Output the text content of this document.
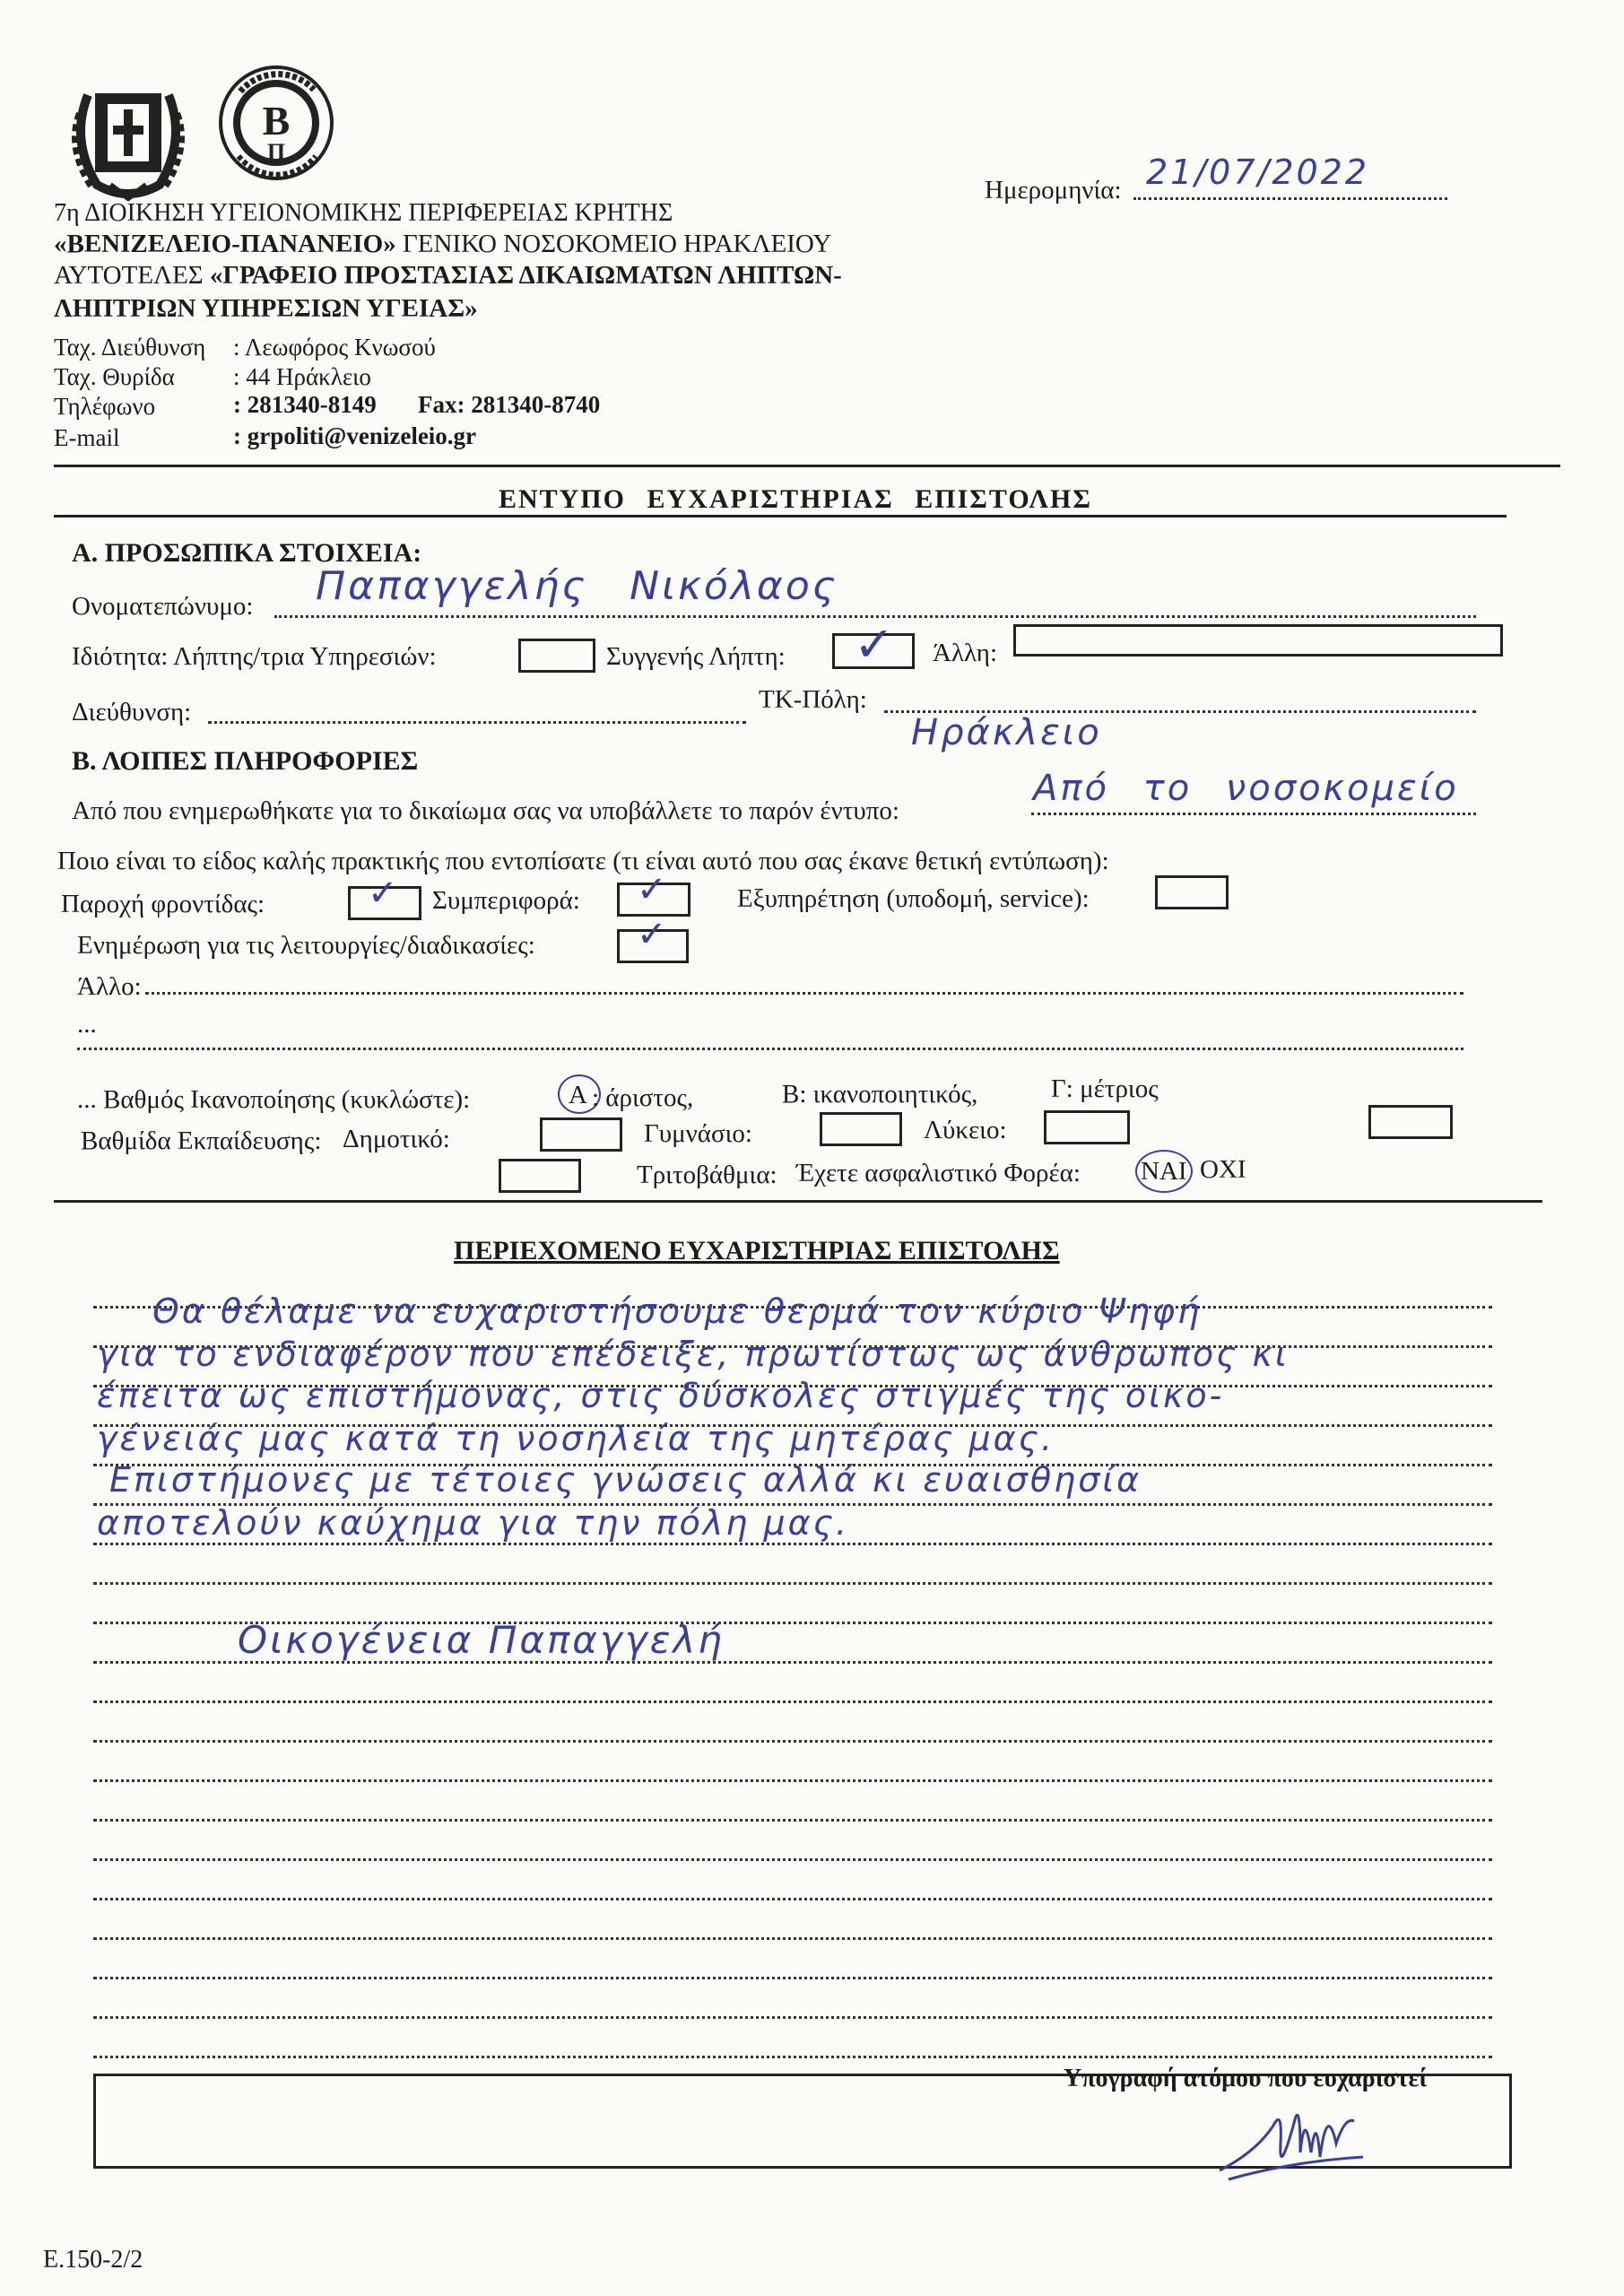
Β
Π
7η ΔΙΟΙΚΗΣΗ ΥΓΕΙΟΝΟΜΙΚΗΣ ΠΕΡΙΦΕΡΕΙΑΣ ΚΡΗΤΗΣ
«ΒΕΝΙΖΕΛΕΙΟ-ΠΑΝΑΝΕΙΟ» ΓΕΝΙΚΟ ΝΟΣΟΚΟΜΕΙΟ ΗΡΑΚΛΕΙΟΥ
ΑΥΤΟΤΕΛΕΣ «ΓΡΑΦΕΙΟ ΠΡΟΣΤΑΣΙΑΣ ΔΙΚΑΙΩΜΑΤΩΝ ΛΗΠΤΩΝ-
ΛΗΠΤΡΙΩΝ ΥΠΗΡΕΣΙΩΝ ΥΓΕΙΑΣ»
Ταχ. Διεύθυνση : Λεωφόρος Κνωσού
Ταχ. Θυρίδα : 44 Ηράκλειο
Τηλέφωνο	: 281340-8149 Fax: 281340-8740
E-mail	: grpoliti@venizeleio.gr
Ημερομηνία: 21/07/2022
ΕΝΤΥΠΟ ΕΥΧΑΡΙΣΤΗΡΙΑΣ ΕΠΙΣΤΟΛΗΣ
Α. ΠΡΟΣΩΠΙΚΑ ΣΤΟΙΧΕΙΑ:
Ονοματεπώνυμο: Παπαγγελής Νικόλαος
Ιδιότητα: Λήπτης/τρια Υπηρεσιών:	Συγγενής Λήπτη: ✓ Άλλη:
Διεύθυνση:	ΤΚ-Πόλη:
Ηράκλειο
Β. ΛΟΙΠΕΣ ΠΛΗΡΟΦΟΡΙΕΣ
Από που ενημερωθήκατε για το δικαίωμα σας να υποβάλλετε το παρόν έντυπο:
Από το νοσοκομείο
Ποιο είναι το είδος καλής πρακτικής που εντοπίσατε (τι είναι αυτό που σας έκανε θετική εντύπωση):
Παροχή φροντίδας:	✓ Συμπεριφορά: ✓	Εξυπηρέτηση (υποδομή, service):
Ενημέρωση για τις λειτουργίες/διαδικασίες:	✓
Άλλο:
...
... Βαθμός Ικανοποίησης (κυκλώστε):	Α : άριστος,	Β: ικανοποιητικός,	Γ: μέτριος
Βαθμίδα Εκπαίδευσης: Δημοτικό:	Γυμνάσιο:	Λύκειο:
Τριτοβάθμια: Έχετε ασφαλιστικό Φορέα: ΝΑΙ ΟΧΙ
ΠΕΡΙΕΧΟΜΕΝΟ ΕΥΧΑΡΙΣΤΗΡΙΑΣ ΕΠΙΣΤΟΛΗΣ
Θα θέλαμε να ευχαριστήσουμε θερμά τον κύριο Ψηφή
για το ενδιαφέρον που επέδειξε, πρωτίστως ως άνθρωπος κι
έπειτα ως επιστήμονας, στις δύσκολες στιγμές της οικο-
γένειάς μας κατά τη νοσηλεία της μητέρας μας.
Επιστήμονες με τέτοιες γνώσεις αλλά κι ευαισθησία
αποτελούν καύχημα για την πόλη μας.
Οικογένεια Παπαγγελή
Υπογραφή ατόμου που ευχαριστεί
Ε.150-2/2
